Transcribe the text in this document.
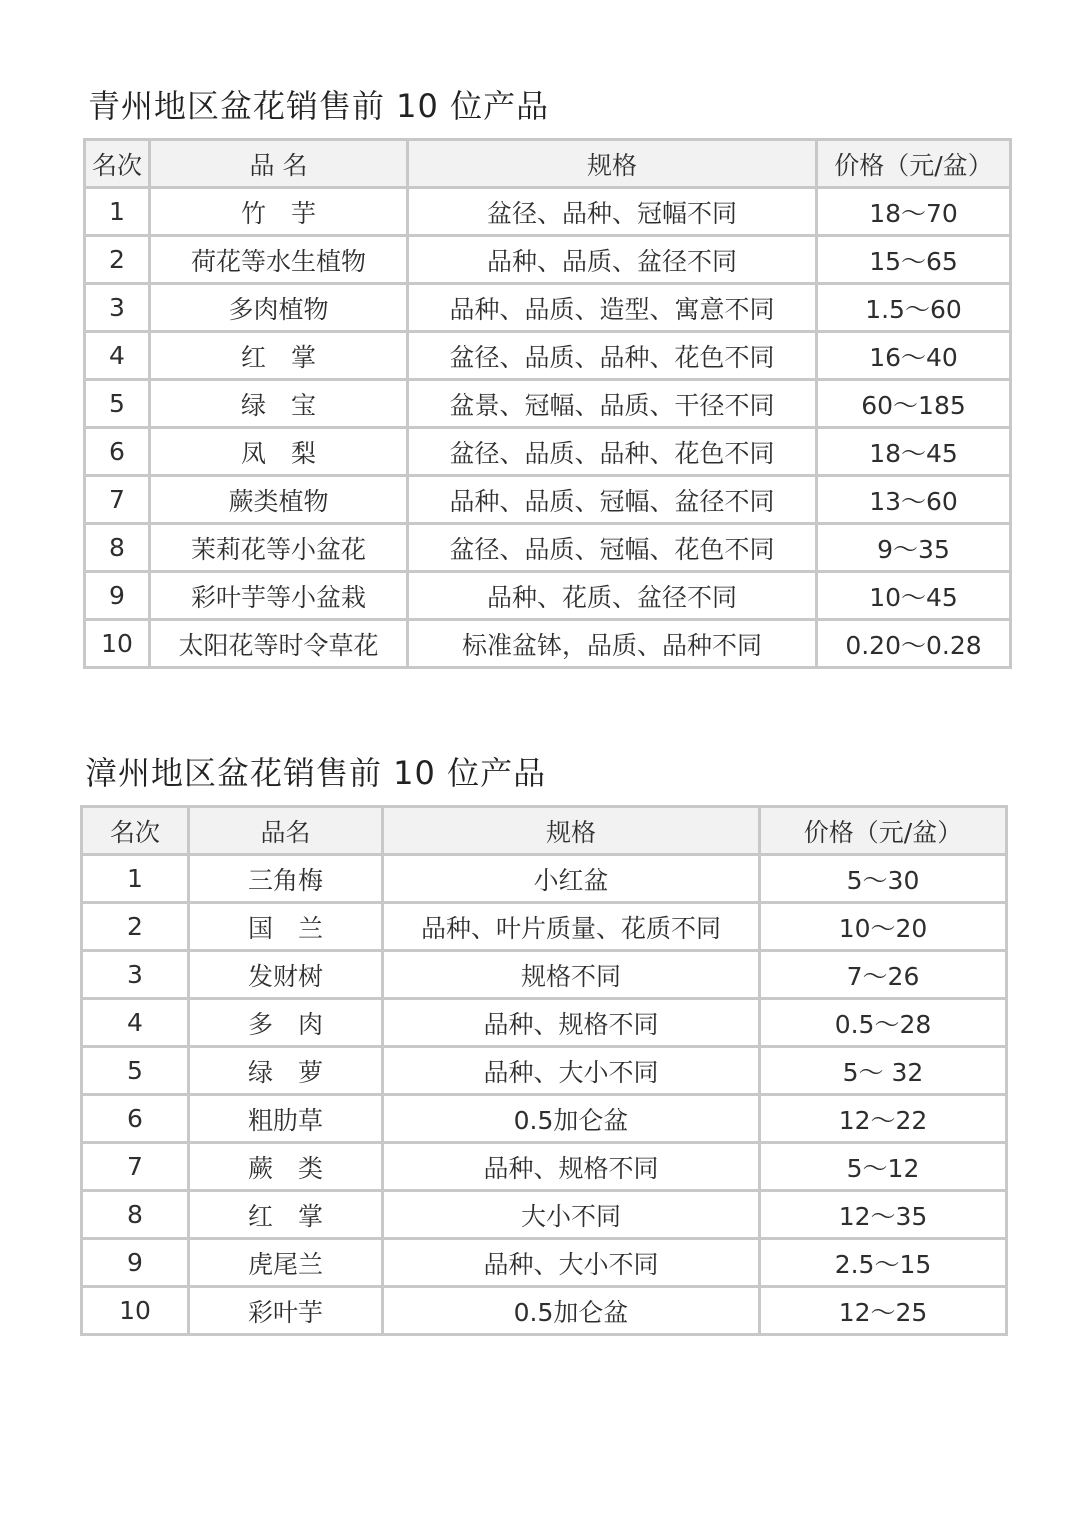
青州地区盆花销售前 10 位产品
名次	品 名	规格	价格（元/盆）
1	竹　芋	盆径、品种、冠幅不同	18～70
2	荷花等水生植物	品种、品质、盆径不同	15～65
3	多肉植物	品种、品质、造型、寓意不同	1.5～60
4	红　掌	盆径、品质、品种、花色不同	16～40
5	绿　宝	盆景、冠幅、品质、干径不同	60～185
6	凤　梨	盆径、品质、品种、花色不同	18～45
7	蕨类植物	品种、品质、冠幅、盆径不同	13～60
8	茉莉花等小盆花	盆径、品质、冠幅、花色不同	9～35
9	彩叶芋等小盆栽	品种、花质、盆径不同	10～45
10	太阳花等时令草花	标准盆钵，品质、品种不同	0.20～0.28
漳州地区盆花销售前 10 位产品
名次	品名	规格	价格（元/盆）
1	三角梅	小红盆	5～30
2	国　兰	品种、叶片质量、花质不同	10～20
3	发财树	规格不同	7～26
4	多　肉	品种、规格不同	0.5～28
5	绿　萝	品种、大小不同	5～ 32
6	粗肋草	0.5加仑盆	12～22
7	蕨　类	品种、规格不同	5～12
8	红　掌	大小不同	12～35
9	虎尾兰	品种、大小不同	2.5～15
10	彩叶芋	0.5加仑盆	12～25
